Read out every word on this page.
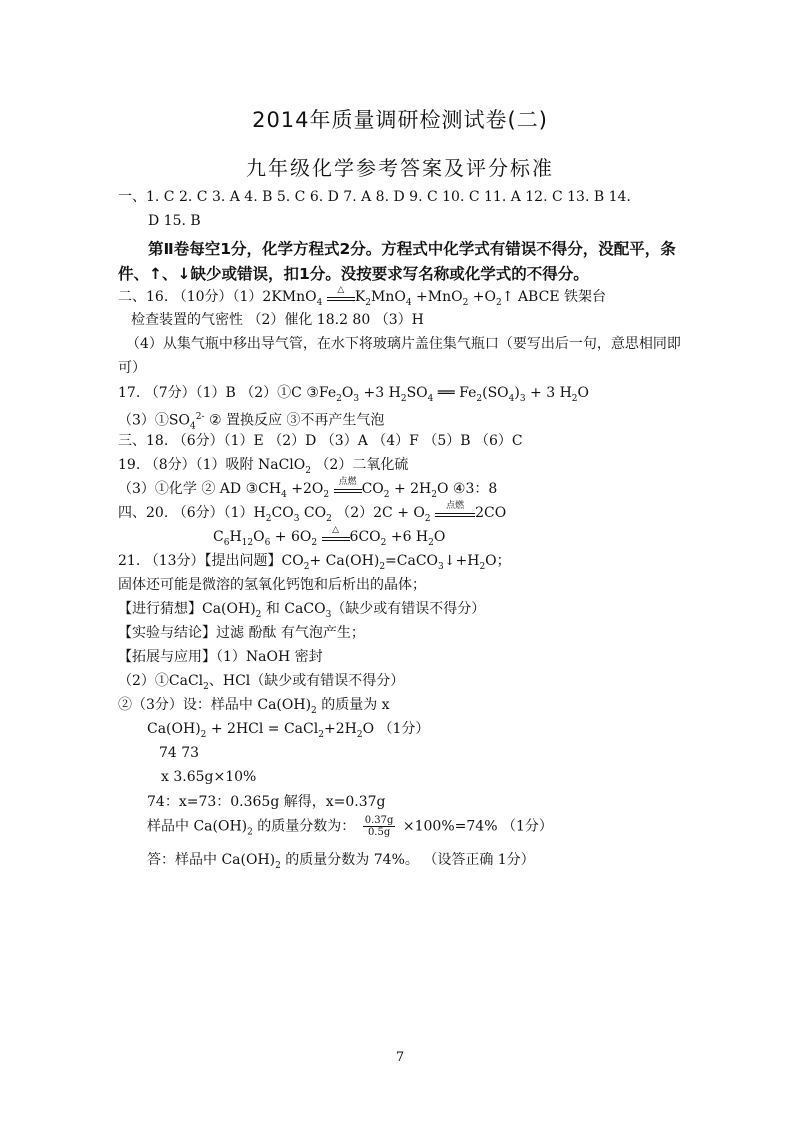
2014年质量调研检测试卷(二)
九年级化学参考答案及评分标准
一、1. C 2. C 3. A 4. B 5. C 6. D 7. A 8. D 9. C 10. C 11. A 12. C 13. B 14.
D 15. B
第Ⅱ卷每空1分，化学方程式2分。方程式中化学式有错误不得分，没配平，条
件、↑、↓缺少或错误，扣1分。没按要求写名称或化学式的不得分。
二、16. （10分）（1）2KMnO$_4$
△ $K_2MnO_4 +MnO_2$ $+O_2↑$ ABCE 铁架台
检查装置的气密性 （2）催化 18.2 80 （3）H
（4）从集气瓶中移出导气管，在水下将玻璃片盖住集气瓶口（要写出后一句，意思相同即
可）
17. （7分）（1）B （2）①C $③Fe_2O_3 +3$ $H_2SO_4$ ══ $Fe_2(SO_4)_3 + 3$ $H_2O$
$(3)①SO_4^{2-}$ ② 置换反应 ③不再产生气泡
三、18. （6分）（1）E （2）D （3）A （4）F （5）B （6）C
19. （8分）（1）吸附 NaClO$_2$ （2）二氧化硫
（3）①化学 ② AD $③CH_4 +2O_2$
点燃 $CO_2 + 2H_2O$ ④3：8
四、20. （6分）$(1)H_2CO_3$ $CO_2$ $(2)2C + O_2$
点燃 2CO
$C_6H_{12}O_6 + 6O_2$
△ $6CO_2 +6$ $H_2O$
21. （13分）【提出问题】$CO_2+$ $Ca(OH)_2=CaCO_3↓+H_2O$；
固体还可能是微溶的氢氧化钙饱和后析出的晶体；
【进行猜想】$Ca(OH)_2$ 和 CaCO$_3$（缺少或有错误不得分）
【实验与结论】过滤 酚酞 有气泡产生；
【拓展与应用】（1）NaOH 密封
（2）①CaCl$_2$、HCl（缺少或有错误不得分）
②（3分）设：样品中 $Ca(OH)_2$ 的质量为 x
$Ca(OH)_2 + 2HCl$ = $CaCl_2+2H_2O$ （1分）
74 73
x 3.65g×10%
74：x=73：0.365g 解得，x=0.37g
样品中 $Ca(OH)_2$ 的质量分数为： $\frac{0.37g}{0.5g} \times 100\%=74\%$ （1分）
答：样品中 $Ca(OH)_2$ 的质量分数为 74%。 （设答正确 1分）
7
